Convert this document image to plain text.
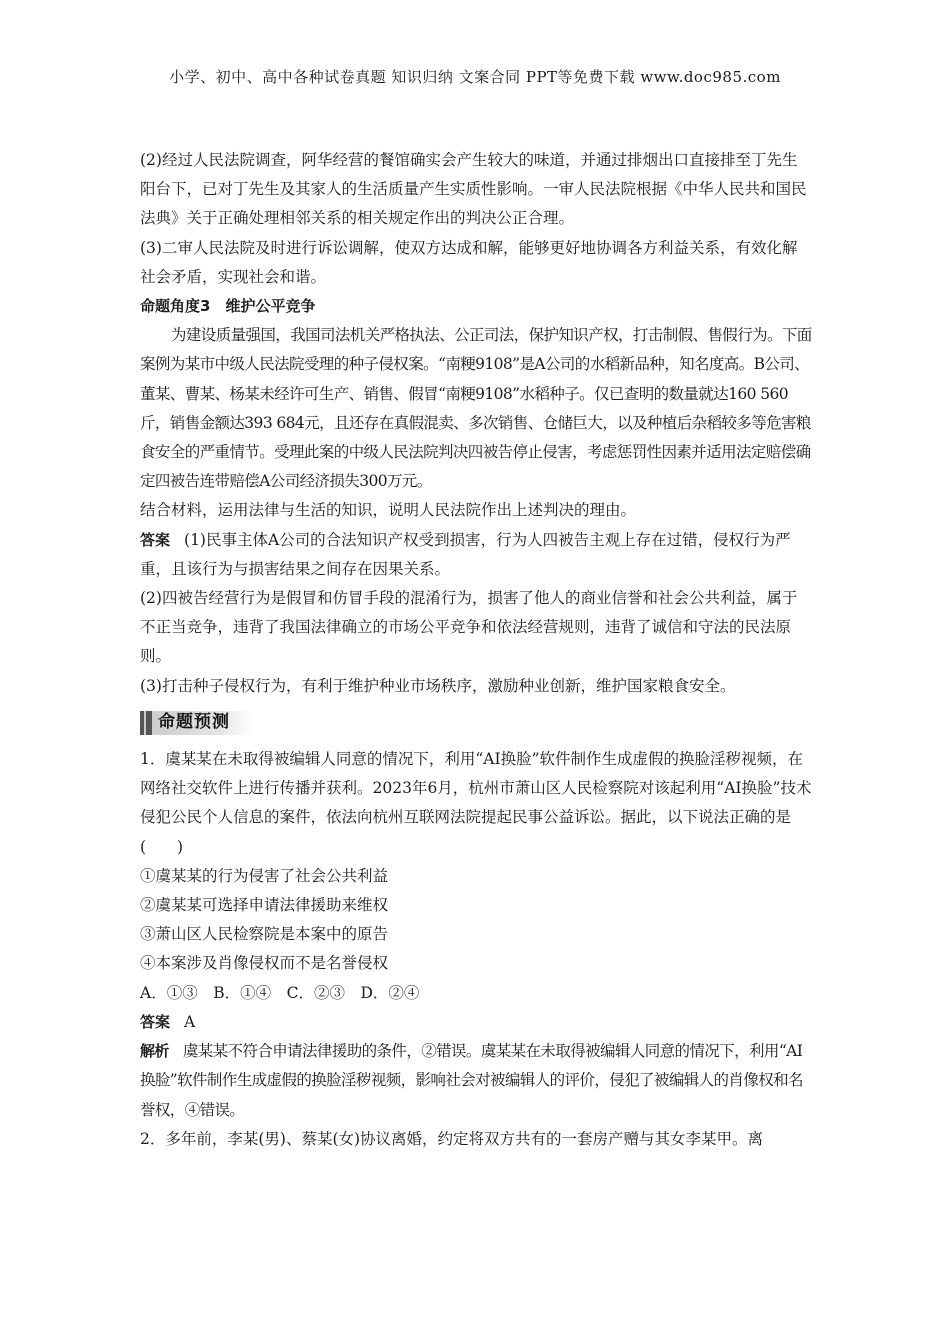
小学、初中、高中各种试卷真题 知识归纳 文案合同 PPT等免费下载 www.doc985.com

(2)经过人民法院调查，阿华经营的餐馆确实会产生较大的味道，并通过排烟出口直接排至丁先生阳台下，已对丁先生及其家人的生活质量产生实质性影响。一审人民法院根据《中华人民共和国民法典》关于正确处理相邻关系的相关规定作出的判决公正合理。

(3)二审人民法院及时进行诉讼调解，使双方达成和解，能够更好地协调各方利益关系，有效化解社会矛盾，实现社会和谐。

命题角度3　维护公平竞争

为建设质量强国，我国司法机关严格执法、公正司法，保护知识产权，打击制假、售假行为。下面案例为某市中级人民法院受理的种子侵权案。“南粳9108”是A公司的水稻新品种，知名度高。B公司、董某、曹某、杨某未经许可生产、销售、假冒“南粳9108”水稻种子。仅已查明的数量就达160 560斤，销售金额达393 684元，且还存在真假混卖、多次销售、仓储巨大，以及种植后杂稻较多等危害粮食安全的严重情节。受理此案的中级人民法院判决四被告停止侵害，考虑惩罚性因素并适用法定赔偿确定四被告连带赔偿A公司经济损失300万元。

结合材料，运用法律与生活的知识，说明人民法院作出上述判决的理由。

答案 (1)民事主体A公司的合法知识产权受到损害，行为人四被告主观上存在过错，侵权行为严重，且该行为与损害结果之间存在因果关系。

(2)四被告经营行为是假冒和仿冒手段的混淆行为，损害了他人的商业信誉和社会公共利益，属于不正当竞争，违背了我国法律确立的市场公平竞争和依法经营规则，违背了诚信和守法的民法原则。

(3)打击种子侵权行为，有利于维护种业市场秩序，激励种业创新，维护国家粮食安全。

命题预测

1．虞某某在未取得被编辑人同意的情况下，利用“AI换脸”软件制作生成虚假的换脸淫秽视频，在网络社交软件上进行传播并获利。2023年6月，杭州市萧山区人民检察院对该起利用“AI换脸”技术侵犯公民个人信息的案件，依法向杭州互联网法院提起民事公益诉讼。据此，以下说法正确的是(　　)

①虞某某的行为侵害了社会公共利益

②虞某某可选择申请法律援助来维权

③萧山区人民检察院是本案中的原告

④本案涉及肖像侵权而不是名誉侵权

A．①③　B．①④　C．②③　D．②④

答案 A

解析 虞某某不符合申请法律援助的条件，②错误。虞某某在未取得被编辑人同意的情况下，利用“AI换脸”软件制作生成虚假的换脸淫秽视频，影响社会对被编辑人的评价，侵犯了被编辑人的肖像权和名誉权，④错误。

2．多年前，李某(男)、蔡某(女)协议离婚，约定将双方共有的一套房产赠与其女李某甲。离
